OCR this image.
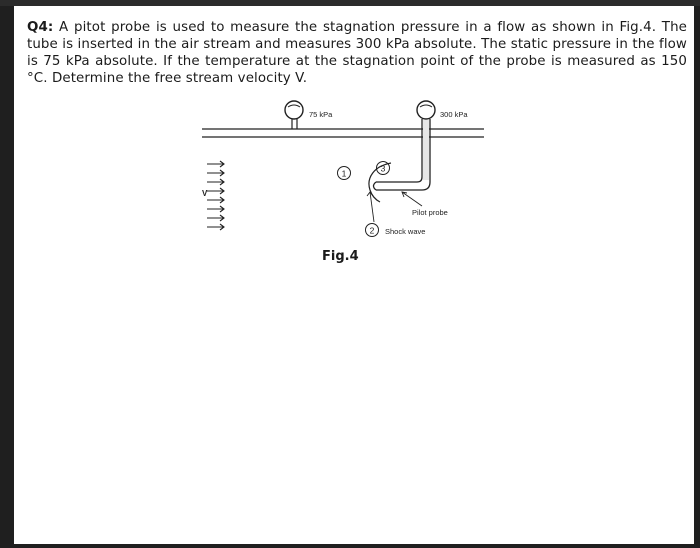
Q4: A pitot probe is used to measure the stagnation pressure in a flow as shown in Fig.4. The tube is inserted in the air stream and measures 300 kPa absolute. The static pressure in the flow is 75 kPa absolute. If the temperature at the stagnation point of the probe is measured as 150 °C. Determine the free stream velocity V.
75 kPa	300 kPa
1	3
2
Pilot probe
Shock wave
V
Fig.4
